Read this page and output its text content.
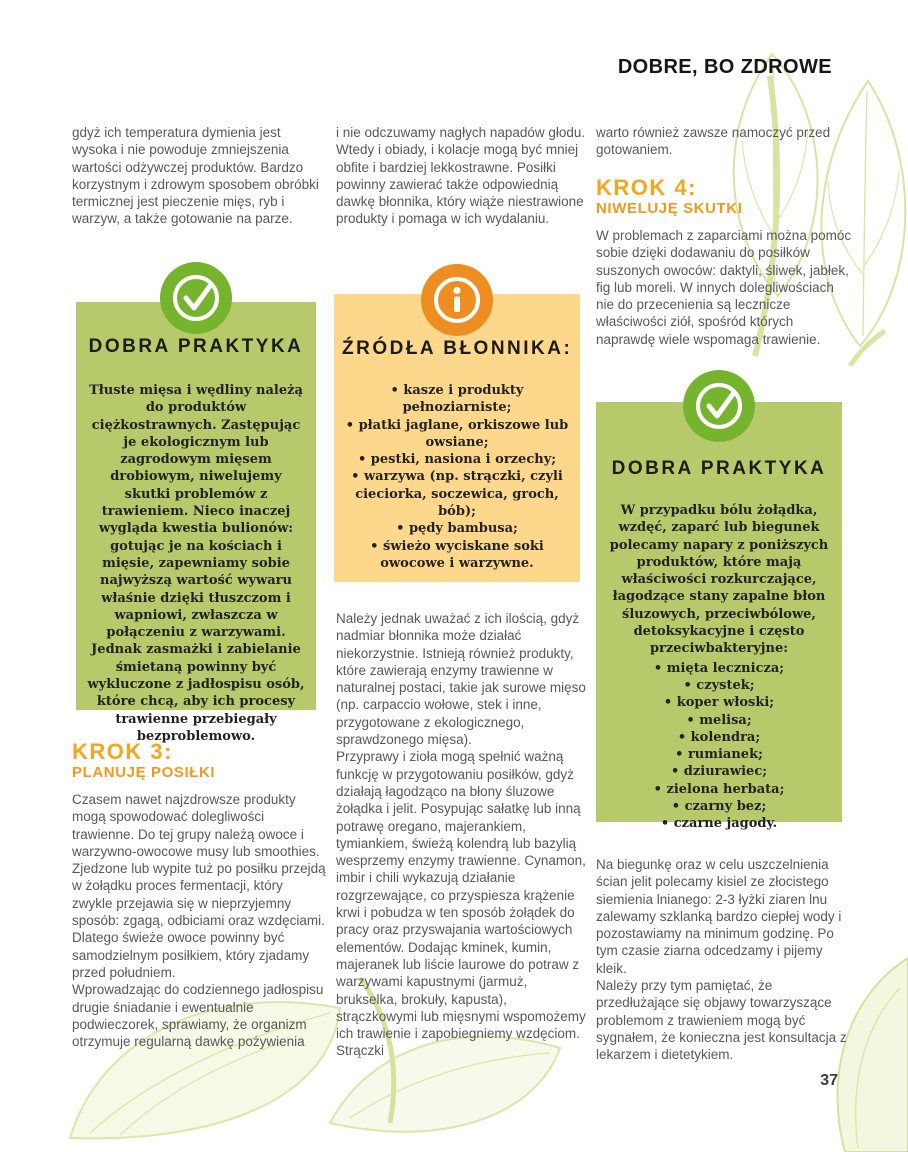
DOBRE, BO ZDROWE

gdyż ich temperatura dymienia jest wysoka i nie powoduje zmniejszenia wartości odżywczej produktów. Bardzo korzystnym i zdrowym sposobem obróbki termicznej jest pieczenie mięs, ryb i warzyw, a także gotowanie na parze.

DOBRA PRAKTYKA
Tłuste mięsa i wędliny należą do produktów ciężkostrawnych. Zastępując je ekologicznym lub zagrodowym mięsem drobiowym, niwelujemy skutki problemów z trawieniem. Nieco inaczej wygląda kwestia bulionów: gotując je na kościach i mięsie, zapewniamy sobie najwyższą wartość wywaru właśnie dzięki tłuszczom i wapniowi, zwłaszcza w połączeniu z warzywami. Jednak zasmażki i zabielanie śmietaną powinny być wykluczone z jadłospisu osób, które chcą, aby ich procesy trawienne przebiegały bezproblemowo.
KROK 3:
PLANUJĘ POSIŁKI

Czasem nawet najzdrowsze produkty mogą spowodować dolegliwości trawienne. Do tej grupy należą owoce i warzywno-owocowe musy lub smoothies. Zjedzone lub wypite tuż po posiłku przejdą w żołądku proces fermentacji, który zwykle przejawia się w nieprzyjemny sposób: zgagą, odbiciami oraz wzdęciami. Dlatego świeże owoce powinny być samodzielnym posiłkiem, który zjadamy przed południem.

Wprowadzając do codziennego jadłospisu drugie śniadanie i ewentualnie podwieczorek, sprawiamy, że organizm otrzymuje regularną dawkę pożywienia

i nie odczuwamy nagłych napadów głodu. Wtedy i obiady, i kolacje mogą być mniej obfite i bardziej lekkostrawne. Posiłki powinny zawierać także odpowiednią dawkę błonnika, który wiąże niestrawione produkty i pomaga w ich wydalaniu.

ŹRÓDŁA BŁONNIKA:
• kasze i produkty pełnoziarniste;
• płatki jaglane, orkiszowe lub owsiane;
• pestki, nasiona i orzechy;
• warzywa (np. strączki, czyli cieciorka, soczewica, groch, bób);
• pędy bambusa;
• świeżo wyciskane soki owocowe i warzywne.

Należy jednak uważać z ich ilością, gdyż nadmiar błonnika może działać niekorzystnie. Istnieją również produkty, które zawierają enzymy trawienne w naturalnej postaci, takie jak surowe mięso (np. carpaccio wołowe, stek i inne, przygotowane z ekologicznego, sprawdzonego mięsa).

Przyprawy i zioła mogą spełnić ważną funkcję w przygotowaniu posiłków, gdyż działają łagodząco na błony śluzowe żołądka i jelit. Posypując sałatkę lub inną potrawę oregano, majerankiem, tymiankiem, świeżą kolendrą lub bazylią wesprzemy enzymy trawienne. Cynamon, imbir i chili wykazują działanie rozgrzewające, co przyspiesza krążenie krwi i pobudza w ten sposób żołądek do pracy oraz przyswajania wartościowych elementów. Dodając kminek, kumin, majeranek lub liście laurowe do potraw z warzywami kapustnymi (jarmuż, brukselka, brokuły, kapusta), strączkowymi lub mięsnymi wspomożemy ich trawienie i zapobiegniemy wzdęciom. Strączki

warto również zawsze namoczyć przed gotowaniem.

KROK 4:
NIWELUJĘ SKUTKI

W problemach z zaparciami można pomóc sobie dzięki dodawaniu do posiłków suszonych owoców: daktyli, śliwek, jabłek, fig lub moreli. W innych dolegliwościach nie do przecenienia są lecznicze właściwości ziół, spośród których naprawdę wiele wspomaga trawienie.

DOBRA PRAKTYKA
W przypadku bólu żołądka, wzdęć, zaparć lub biegunek polecamy napary z poniższych produktów, które mają właściwości rozkurczające, łagodzące stany zapalne błon śluzowych, przeciwbólowe, detoksykacyjne i często przeciwbakteryjne:
• mięta lecznicza;
• czystek;
• koper włoski;
• melisa;
• kolendra;
• rumianek;
• dziurawiec;
• zielona herbata;
• czarny bez;
• czarne jagody.

Na biegunkę oraz w celu uszczelnienia ścian jelit polecamy kisiel ze złocistego siemienia lnianego: 2-3 łyżki ziaren lnu zalewamy szklanką bardzo ciepłej wody i pozostawiamy na minimum godzinę. Po tym czasie ziarna odcedzamy i pijemy kleik.

Należy przy tym pamiętać, że przedłużające się objawy towarzyszące problemom z trawieniem mogą być sygnałem, że konieczna jest konsultacja z lekarzem i dietetykiem.

37
